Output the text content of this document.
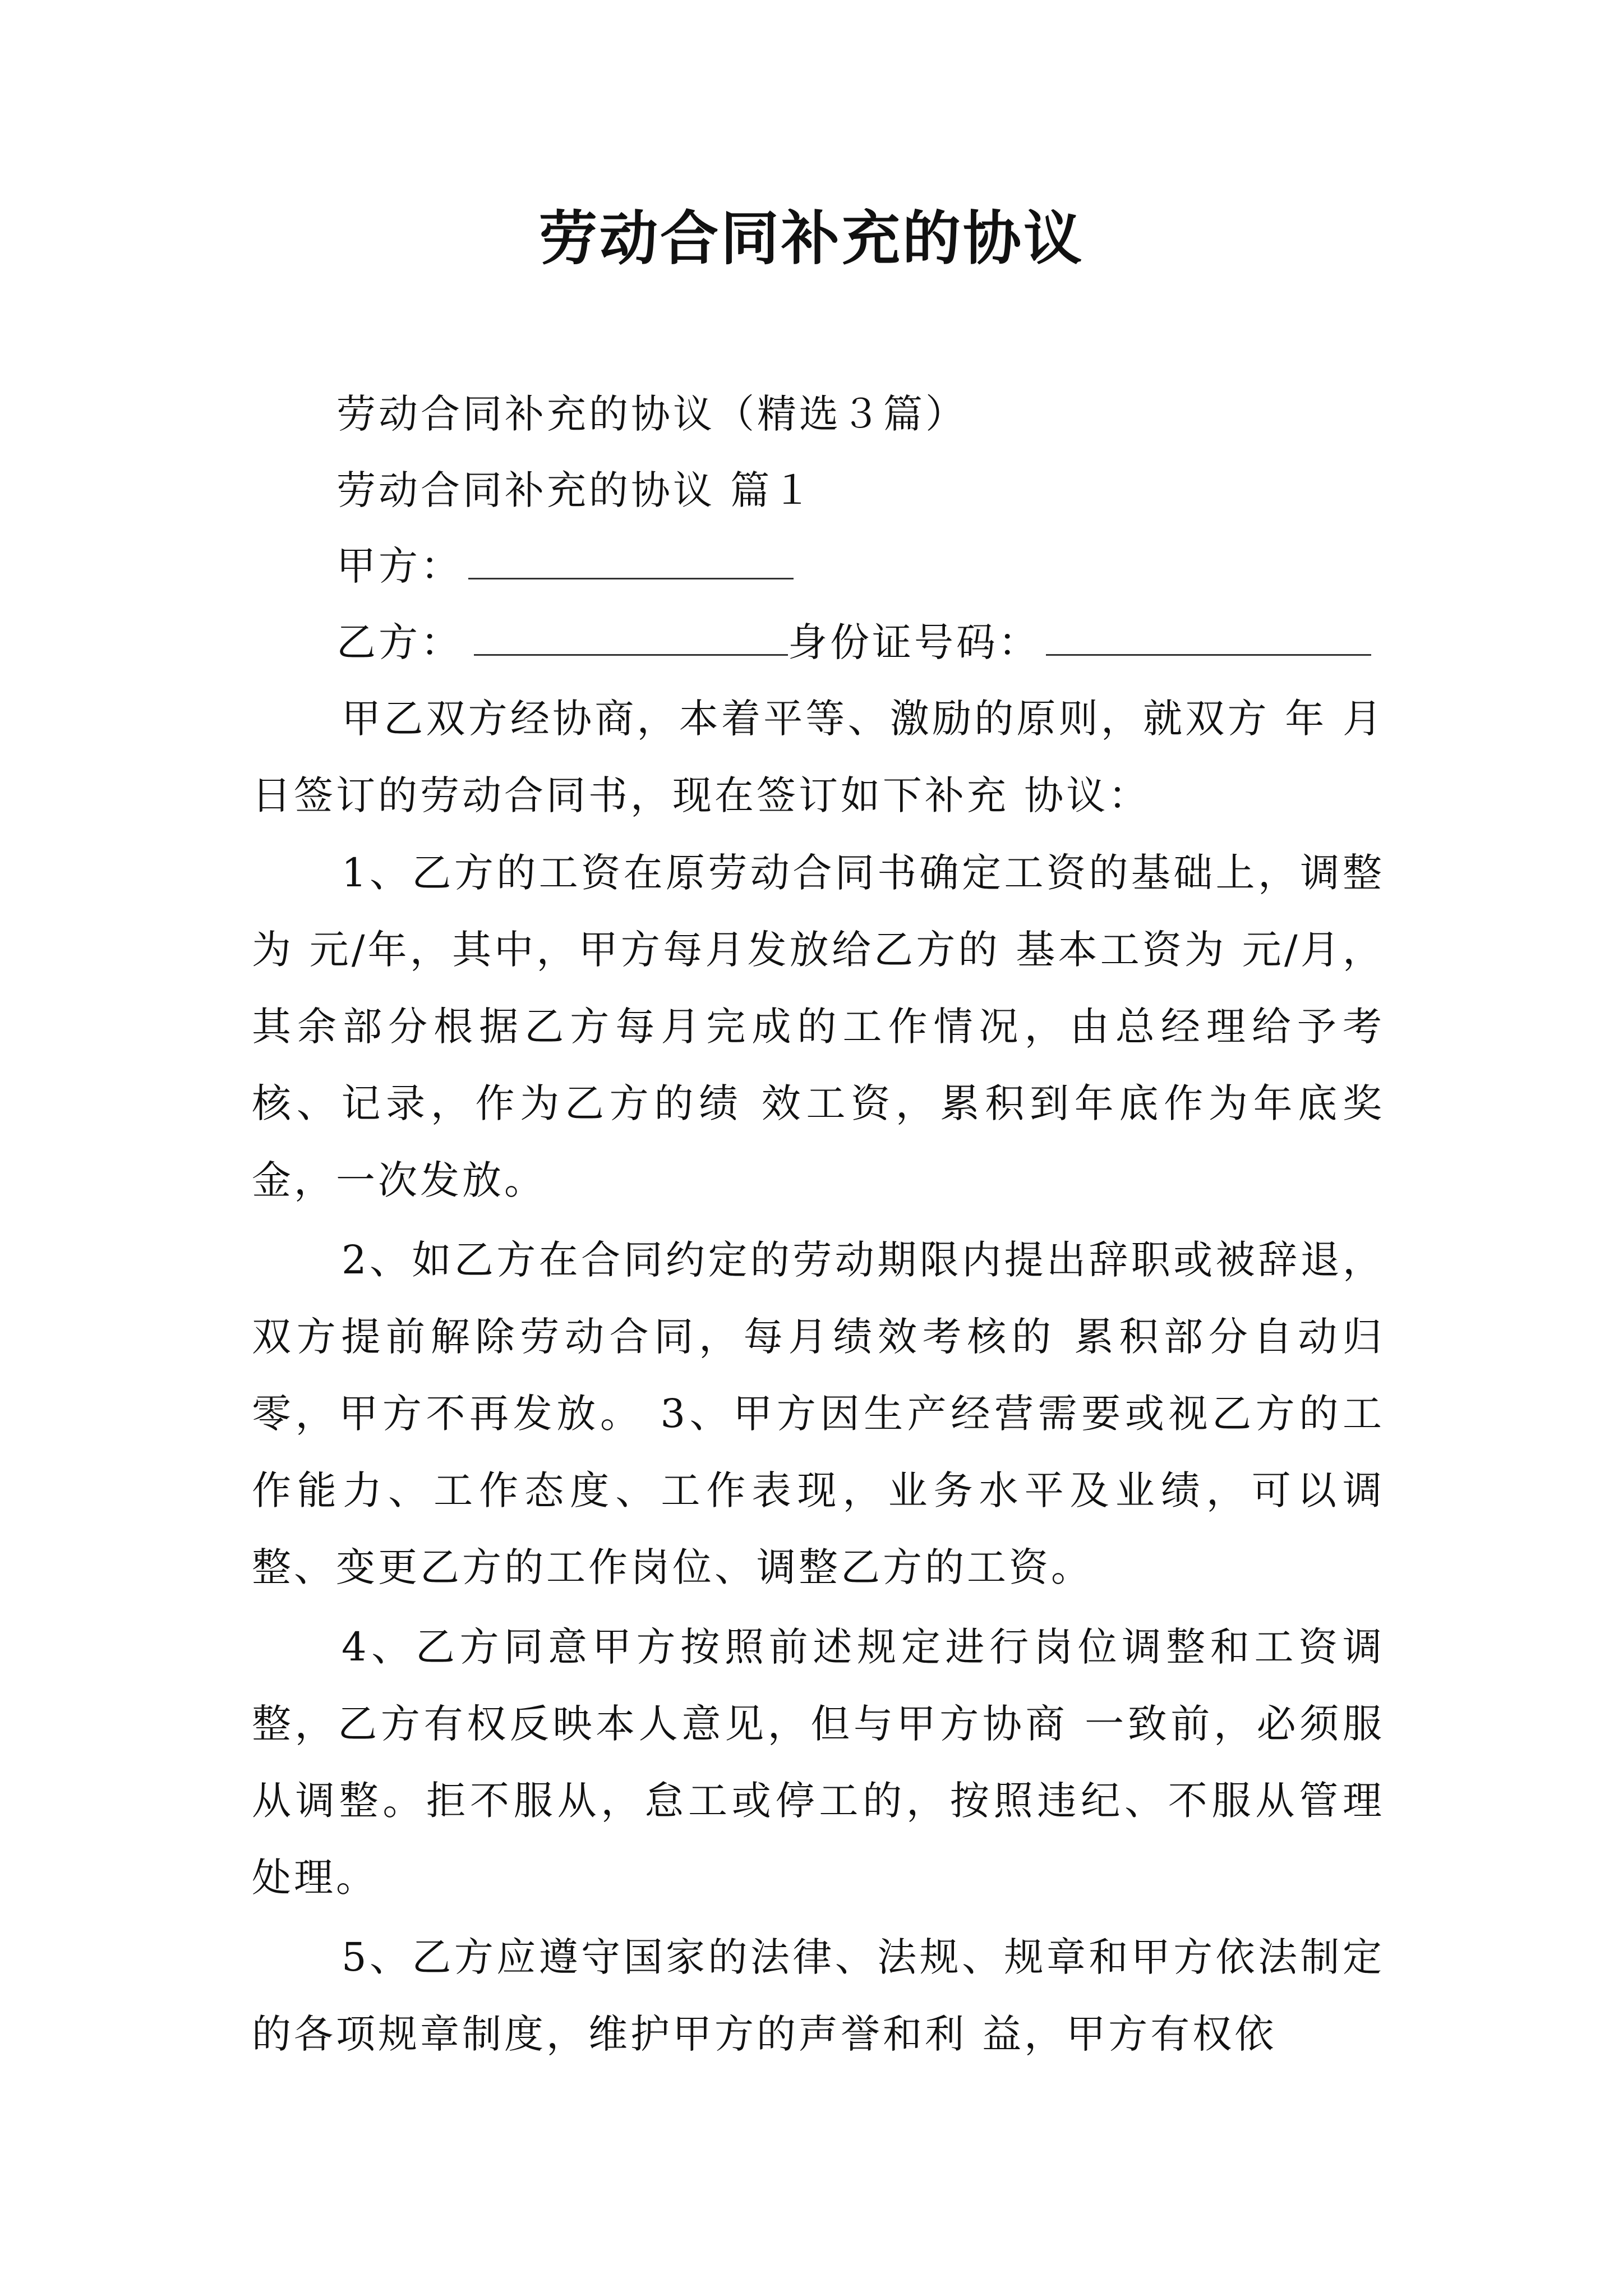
劳动合同补充的协议
劳动合同补充的协议（精选３篇）
劳动合同补充的协议 篇１
甲方：
乙方：	身份证号码：

甲乙双方经协商，本着平等、激励的原则，就双方 年 月 日签订的劳动合同书，现在签订如下补充 协议：

1、乙方的工资在原劳动合同书确定工资的基础上，调整为 元/年，其中，甲方每月发放给乙方的 基本工资为 元/月，其余部分根据乙方每月完成的工作情况，由总经理给予考核、记录，作为乙方的绩 效工资，累积到年底作为年底奖金，一次发放。

2、如乙方在合同约定的劳动期限内提出辞职或被辞退，双方提前解除劳动合同，每月绩效考核的 累积部分自动归零，甲方不再发放。 3、甲方因生产经营需要或视乙方的工作能力、工作态度、工作表现，业务水平及业绩，可以调整、变更乙方的工作岗位、调整乙方的工资。

4、乙方同意甲方按照前述规定进行岗位调整和工资调整，乙方有权反映本人意见，但与甲方协商 一致前，必须服从调整。拒不服从，怠工或停工的，按照违纪、不服从管理处理。

5、乙方应遵守国家的法律、法规、规章和甲方依法制定的各项规章制度，维护甲方的声誉和利 益，甲方有权依
